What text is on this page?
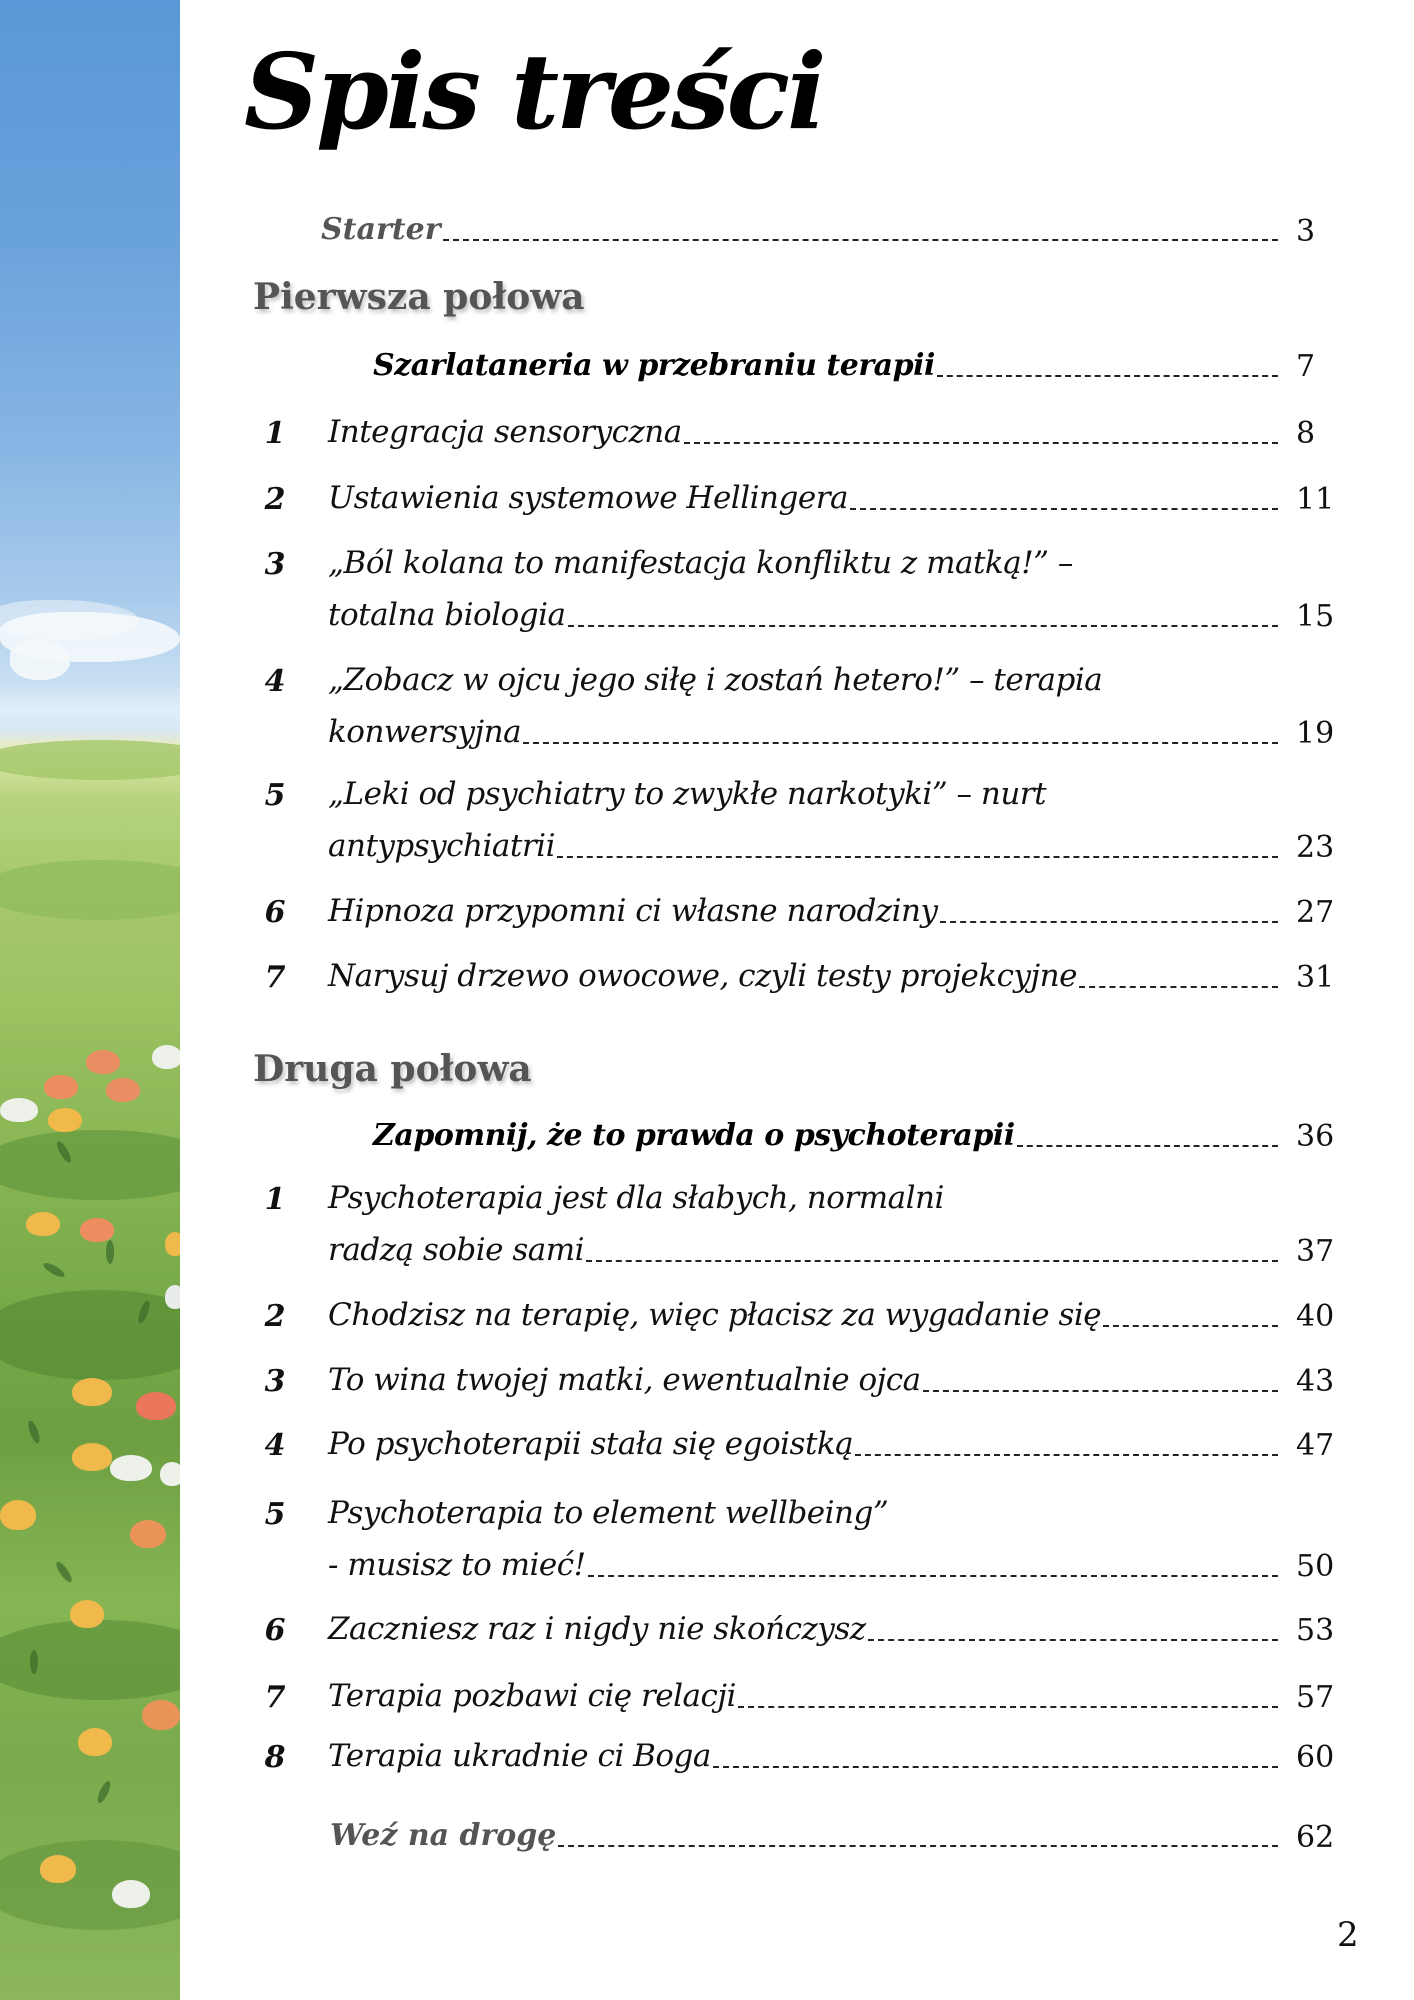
Spis treści
Starter	3
Pierwsza połowa
Szarlataneria w przebraniu terapii	7
1 Integracja sensoryczna	8
2 Ustawienia systemowe Hellingera	11
3 „Ból kolana to manifestacja konfliktu z matką!” –
totalna biologia	15
4 „Zobacz w ojcu jego siłę i zostań hetero!” – terapia
konwersyjna	19
5 „Leki od psychiatry to zwykłe narkotyki” – nurt
antypsychiatrii	23
6 Hipnoza przypomni ci własne narodziny	27
7 Narysuj drzewo owocowe, czyli testy projekcyjne	31
Druga połowa
Zapomnij, że to prawda o psychoterapii	36
1 Psychoterapia jest dla słabych, normalni
radzą sobie sami	37
2 Chodzisz na terapię, więc płacisz za wygadanie się	40
3 To wina twojej matki, ewentualnie ojca	43
4 Po psychoterapii stała się egoistką	47
5 Psychoterapia to element wellbeing”
- musisz to mieć!	50
6 Zaczniesz raz i nigdy nie skończysz	53
7 Terapia pozbawi cię relacji	57
8 Terapia ukradnie ci Boga	60
Weź na drogę	62
2
